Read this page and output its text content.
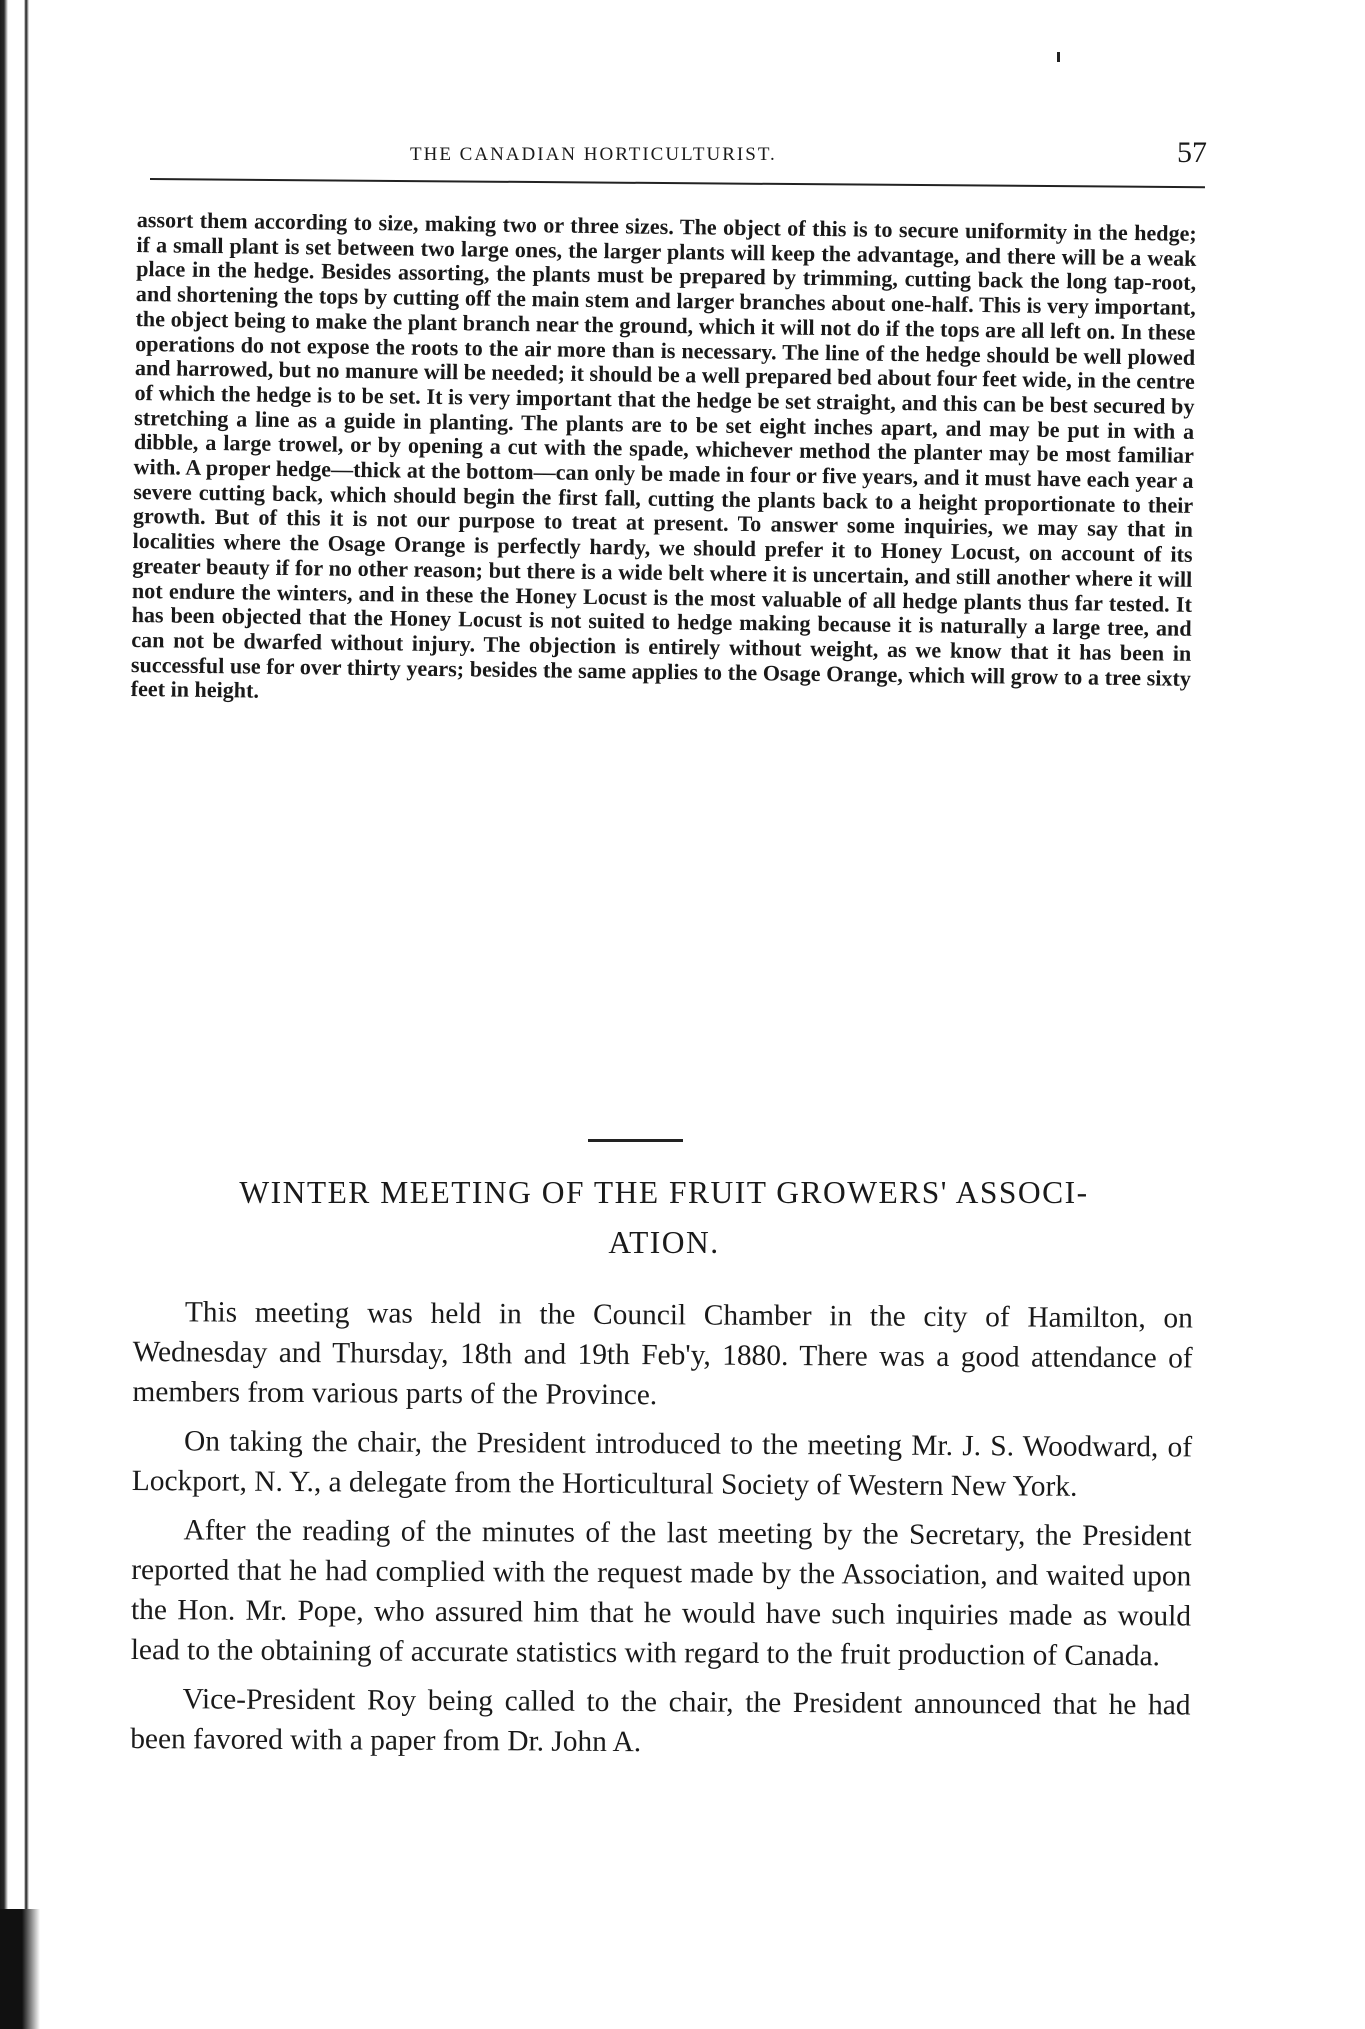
THE CANADIAN HORTICULTURIST.	57

assort them according to size, making two or three sizes. The object of this is to secure uniformity in the hedge; if a small plant is set between two large ones, the larger plants will keep the advantage, and there will be a weak place in the hedge. Besides assorting, the plants must be prepared by trimming, cutting back the long tap-root, and shortening the tops by cutting off the main stem and larger branches about one-half. This is very important, the object being to make the plant branch near the ground, which it will not do if the tops are all left on. In these operations do not expose the roots to the air more than is necessary. The line of the hedge should be well plowed and harrowed, but no manure will be needed; it should be a well prepared bed about four feet wide, in the centre of which the hedge is to be set. It is very important that the hedge be set straight, and this can be best secured by stretching a line as a guide in planting. The plants are to be set eight inches apart, and may be put in with a dibble, a large trowel, or by opening a cut with the spade, whichever method the planter may be most familiar with. A proper hedge—thick at the bottom—can only be made in four or five years, and it must have each year a severe cutting back, which should begin the first fall, cutting the plants back to a height proportionate to their growth. But of this it is not our purpose to treat at present. To answer some inquiries, we may say that in localities where the Osage Orange is perfectly hardy, we should prefer it to Honey Locust, on account of its greater beauty if for no other reason; but there is a wide belt where it is uncertain, and still another where it will not endure the winters, and in these the Honey Locust is the most valuable of all hedge plants thus far tested. It has been objected that the Honey Locust is not suited to hedge making because it is naturally a large tree, and can not be dwarfed without injury. The objection is entirely without weight, as we know that it has been in successful use for over thirty years; besides the same applies to the Osage Orange, which will grow to a tree sixty feet in height.

WINTER MEETING OF THE FRUIT GROWERS' ASSOCI-
ATION.

This meeting was held in the Council Chamber in the city of Hamilton, on Wednesday and Thursday, 18th and 19th Feb'y, 1880. There was a good attendance of members from various parts of the Province.

On taking the chair, the President introduced to the meeting Mr. J. S. Woodward, of Lockport, N. Y., a delegate from the Horticultural Society of Western New York.

After the reading of the minutes of the last meeting by the Secretary, the President reported that he had complied with the request made by the Association, and waited upon the Hon. Mr. Pope, who assured him that he would have such inquiries made as would lead to the obtaining of accurate statistics with regard to the fruit production of Canada.

Vice-President Roy being called to the chair, the President announced that he had been favored with a paper from Dr. John A.
